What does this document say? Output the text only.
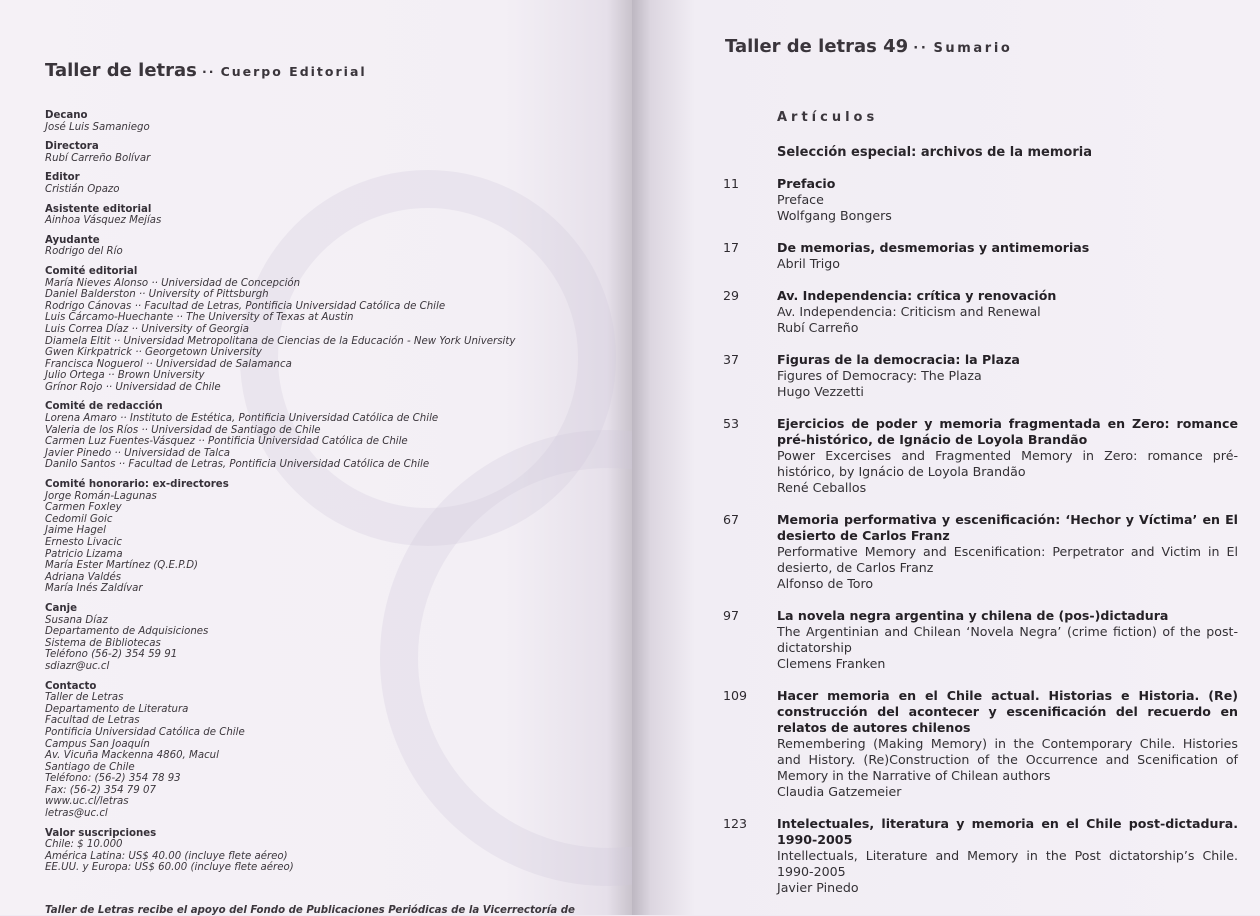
Taller de letras ·· Cuerpo Editorial
Decano
José Luis Samaniego
Directora
Rubí Carreño Bolívar
Editor
Cristián Opazo
Asistente editorial
Ainhoa Vásquez Mejías
Ayudante
Rodrigo del Río
Comité editorial
María Nieves Alonso ·· Universidad de Concepción
Daniel Balderston ·· University of Pittsburgh
Rodrigo Cánovas ·· Facultad de Letras, Pontificia Universidad Católica de Chile
Luis Cárcamo-Huechante ·· The University of Texas at Austin
Luis Correa Díaz ·· University of Georgia
Diamela Eltit ·· Universidad Metropolitana de Ciencias de la Educación - New York University
Gwen Kirkpatrick ·· Georgetown University
Francisca Noguerol ·· Universidad de Salamanca
Julio Ortega ·· Brown University
Grínor Rojo ·· Universidad de Chile
Comité de redacción
Lorena Amaro ·· Instituto de Estética, Pontificia Universidad Católica de Chile
Valeria de los Ríos ·· Universidad de Santiago de Chile
Carmen Luz Fuentes-Vásquez ·· Pontificia Universidad Católica de Chile
Javier Pinedo ·· Universidad de Talca
Danilo Santos ·· Facultad de Letras, Pontificia Universidad Católica de Chile
Comité honorario: ex-directores
Jorge Román-Lagunas
Carmen Foxley
Cedomil Goic
Jaime Hagel
Ernesto Livacic
Patricio Lizama
María Ester Martínez (Q.E.P.D)
Adriana Valdés
María Inés Zaldívar
Canje
Susana Díaz
Departamento de Adquisiciones
Sistema de Bibliotecas
Teléfono (56-2) 354 59 91
sdiazr@uc.cl
Contacto
Taller de Letras
Departamento de Literatura
Facultad de Letras
Pontificia Universidad Católica de Chile
Campus San Joaquín
Av. Vicuña Mackenna 4860, Macul
Santiago de Chile
Teléfono: (56-2) 354 78 93
Fax: (56-2) 354 79 07
www.uc.cl/letras
letras@uc.cl
Valor suscripciones
Chile: $ 10.000
América Latina: US$ 40.00 (incluye flete aéreo)
EE.UU. y Europa: US$ 60.00 (incluye flete aéreo)
Taller de Letras recibe el apoyo del Fondo de Publicaciones Periódicas de la Vicerrectoría de
Taller de letras 49 ·· Sumario
Artículos
Selección especial: archivos de la memoria
11	Prefacio
Preface
Wolfgang Bongers
17	De memorias, desmemorias y antimemorias
Abril Trigo
29	Av. Independencia: crítica y renovación
Av. Independencia: Criticism and Renewal
Rubí Carreño
37	Figuras de la democracia: la Plaza
Figures of Democracy: The Plaza
Hugo Vezzetti
53	Ejercicios de poder y memoria fragmentada en Zero: romance pré-histórico, de Ignácio de Loyola Brandão
Power Excercises and Fragmented Memory in Zero: romance pré-histórico, by Ignácio de Loyola Brandão
René Ceballos
67	Memoria performativa y escenificación: ‘Hechor y Víctima’ en El desierto de Carlos Franz
Performative Memory and Escenification: Perpetrator and Victim in El desierto, de Carlos Franz
Alfonso de Toro
97	La novela negra argentina y chilena de (pos-)dictadura
The Argentinian and Chilean ‘Novela Negra’ (crime fiction) of the post-dictatorship
Clemens Franken
109	Hacer memoria en el Chile actual. Historias e Historia. (Re) construcción del acontecer y escenificación del recuerdo en relatos de autores chilenos
Remembering (Making Memory) in the Contemporary Chile. Histories and History. (Re)Construction of the Occurrence and Scenification of Memory in the Narrative of Chilean authors
Claudia Gatzemeier
123	Intelectuales, literatura y memoria en el Chile post-dictadura. 1990-2005
Intellectuals, Literature and Memory in the Post dictatorship’s Chile. 1990-2005
Javier Pinedo
